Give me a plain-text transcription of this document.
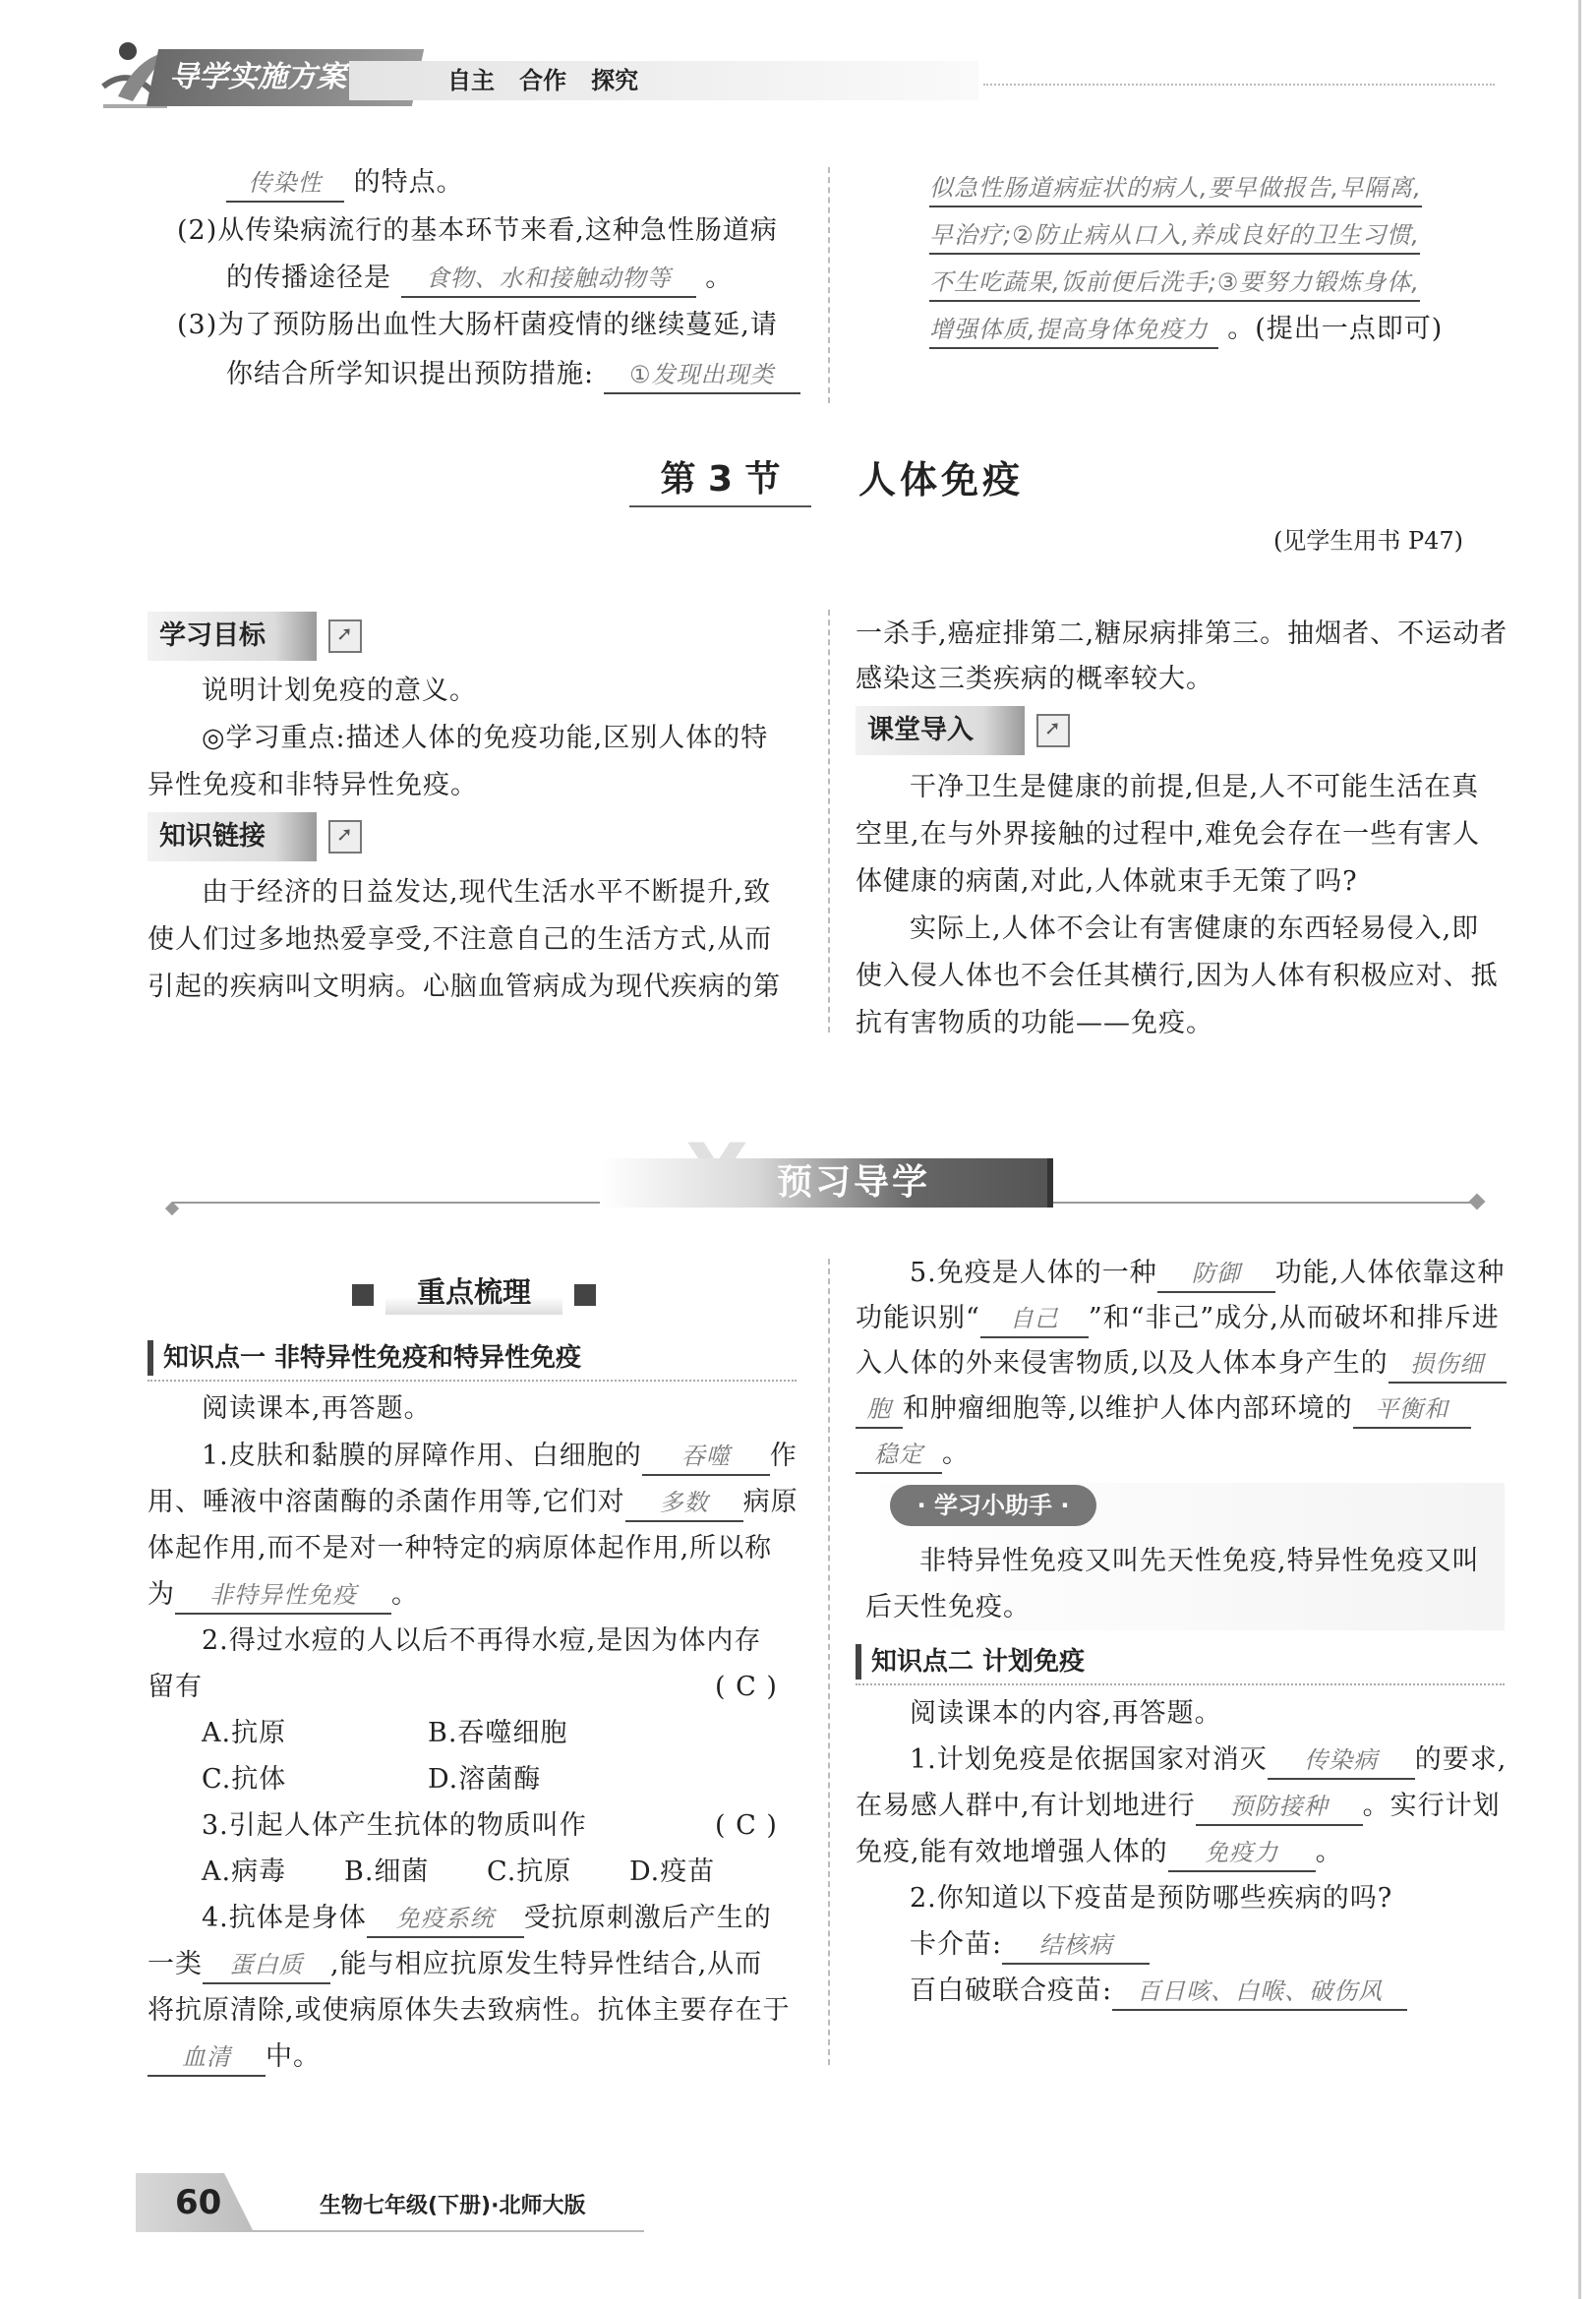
导学实施方案	自主   合作   探究
传染性 的特点。
(2)从传染病流行的基本环节来看,这种急性肠道病
的传播途径是 食物、水和接触动物等 。
(3)为了预防肠出血性大肠杆菌疫情的继续蔓延,请
你结合所学知识提出预防措施: ①发现出现类
似急性肠道病症状的病人,要早做报告,早隔离,
早治疗;②防止病从口入,养成良好的卫生习惯,
不生吃蔬果,饭前便后洗手;③要努力锻炼身体,
增强体质,提高身体免疫力 。(提出一点即可)
第 3 节	人体免疫
(见学生用书 P47)
学习目标	➚
说明计划免疫的意义。
◎学习重点:描述人体的免疫功能,区别人体的特
异性免疫和非特异性免疫。
知识链接	➚
由于经济的日益发达,现代生活水平不断提升,致
使人们过多地热爱享受,不注意自己的生活方式,从而
引起的疾病叫文明病。心脑血管病成为现代疾病的第
一杀手,癌症排第二,糖尿病排第三。抽烟者、不运动者
感染这三类疾病的概率较大。
课堂导入	➚
干净卫生是健康的前提,但是,人不可能生活在真
空里,在与外界接触的过程中,难免会存在一些有害人
体健康的病菌,对此,人体就束手无策了吗?
实际上,人体不会让有害健康的东西轻易侵入,即
使入侵人体也不会任其横行,因为人体有积极应对、抵
抗有害物质的功能——免疫。
预习导学
重点梳理
知识点一 非特异性免疫和特异性免疫
阅读课本,再答题。
1.皮肤和黏膜的屏障作用、白细胞的 吞噬 作
用、唾液中溶菌酶的杀菌作用等,它们对 多数 病原
体起作用,而不是对一种特定的病原体起作用,所以称
为 非特异性免疫 。
2.得过水痘的人以后不再得水痘,是因为体内存
留有	( C )
A.抗原	B.吞噬细胞
C.抗体	D.溶菌酶
3.引起人体产生抗体的物质叫作	( C )
A.病毒 B.细菌 C.抗原 D.疫苗
4.抗体是身体 免疫系统 受抗原刺激后产生的
一类 蛋白质 ,能与相应抗原发生特异性结合,从而
将抗原清除,或使病原体失去致病性。抗体主要存在于
血清 中。
5.免疫是人体的一种 防御 功能,人体依靠这种
功能识别“ 自己 ”和“非己”成分,从而破坏和排斥进
入人体的外来侵害物质,以及人体本身产生的 损伤细
胞 和肿瘤细胞等,以维护人体内部环境的 平衡和
稳定 。
· 学习小助手 ·
非特异性免疫又叫先天性免疫,特异性免疫又叫
后天性免疫。
知识点二 计划免疫
阅读课本的内容,再答题。
1.计划免疫是依据国家对消灭 传染病 的要求,
在易感人群中,有计划地进行 预防接种 。实行计划
免疫,能有效地增强人体的 免疫力 。
2.你知道以下疫苗是预防哪些疾病的吗?
卡介苗: 结核病
百白破联合疫苗: 百日咳、白喉、破伤风
60	生物七年级(下册)·北师大版
